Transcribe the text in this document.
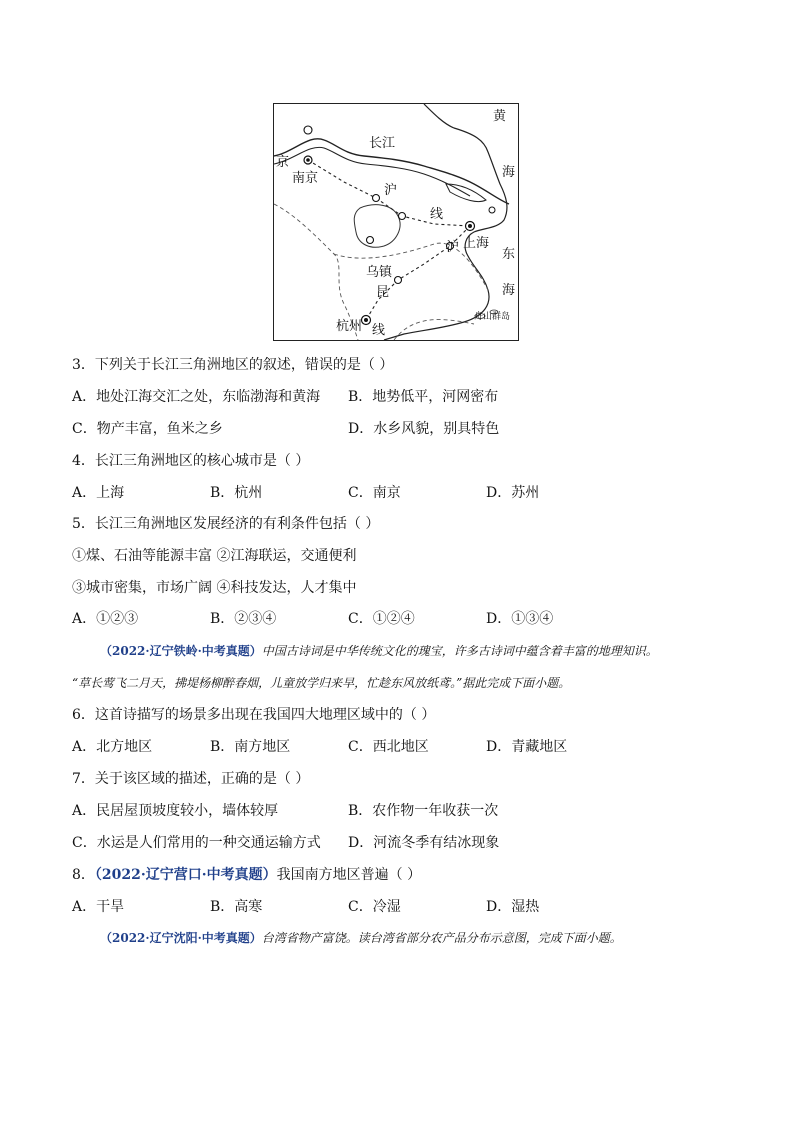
黄
长江
海
京
南京
沪
线
上海
沪	东
乌镇
昆	海
舟山群岛
杭州 线
3．下列关于长江三角洲地区的叙述，错误的是（ ）
A．地处江海交汇之处，东临渤海和黄海 B．地势低平，河网密布
C．物产丰富，鱼米之乡	D．水乡风貌，别具特色
4．长江三角洲地区的核心城市是（ ）
A．上海	B．杭州	C．南京	D．苏州
5．长江三角洲地区发展经济的有利条件包括（ ）
①煤、石油等能源丰富 ②江海联运，交通便利
③城市密集，市场广阔 ④科技发达，人才集中
A．①②③	B．②③④	C．①②④	D．①③④
（2022·辽宁铁岭·中考真题）中国古诗词是中华传统文化的瑰宝，许多古诗词中蕴含着丰富的地理知识。
“草长莺飞二月天，拂堤杨柳醉春烟，儿童放学归来早，忙趁东风放纸鸢。”据此完成下面小题。
6．这首诗描写的场景多出现在我国四大地理区域中的（ ）
A．北方地区	B．南方地区	C．西北地区	D．青藏地区
7．关于该区域的描述，正确的是（ ）
A．民居屋顶坡度较小，墙体较厚	B．农作物一年收获一次
C．水运是人们常用的一种交通运输方式 D．河流冬季有结冰现象
8．（2022·辽宁营口·中考真题）我国南方地区普遍（ ）
A．干旱	B．高寒	C．冷湿	D．湿热
（2022·辽宁沈阳·中考真题）台湾省物产富饶。读台湾省部分农产品分布示意图，完成下面小题。
